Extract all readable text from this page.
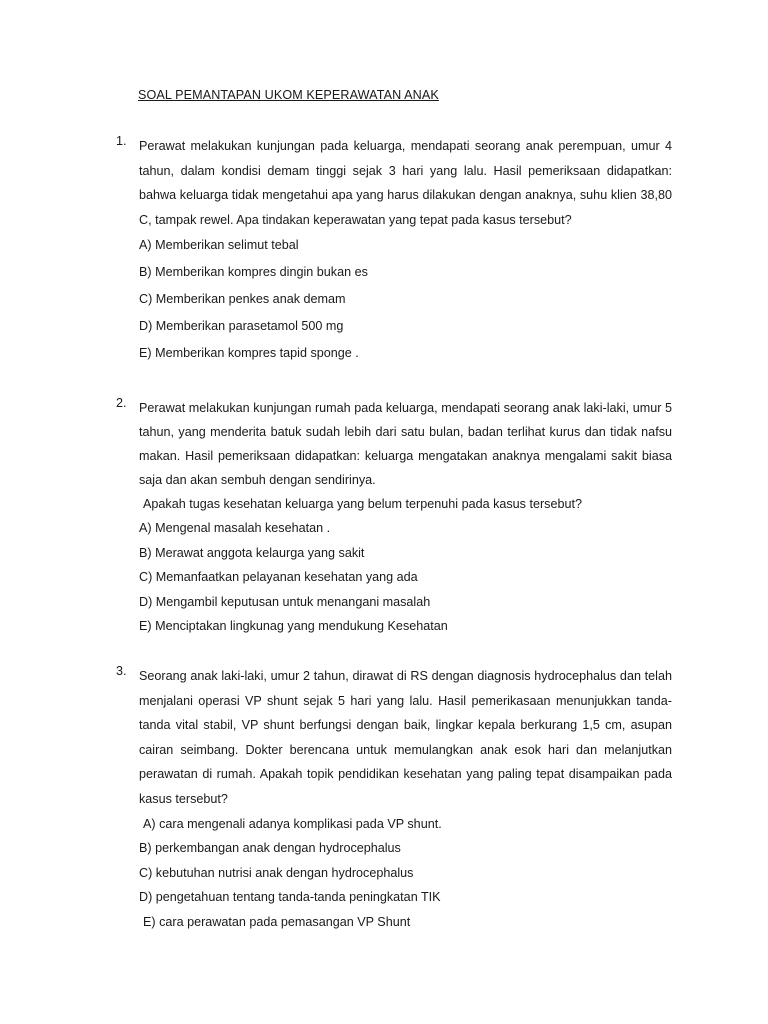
SOAL PEMANTAPAN UKOM KEPERAWATAN ANAK
1. Perawat melakukan kunjungan pada keluarga, mendapati seorang anak perempuan, umur 4 tahun, dalam kondisi demam tinggi sejak 3 hari yang lalu. Hasil pemeriksaan didapatkan: bahwa keluarga tidak mengetahui apa yang harus dilakukan dengan anaknya, suhu klien 38,80 C, tampak rewel. Apa tindakan keperawatan yang tepat pada kasus tersebut?
A) Memberikan selimut tebal
B) Memberikan kompres dingin bukan es
C) Memberikan penkes anak demam
D) Memberikan parasetamol 500 mg
E) Memberikan kompres tapid sponge .
2. Perawat melakukan kunjungan rumah pada keluarga, mendapati seorang anak laki-laki, umur 5 tahun, yang menderita batuk sudah lebih dari satu bulan, badan terlihat kurus dan tidak nafsu makan. Hasil pemeriksaan didapatkan: keluarga mengatakan anaknya mengalami sakit biasa saja dan akan sembuh dengan sendirinya.
Apakah tugas kesehatan keluarga yang belum terpenuhi pada kasus tersebut?
A) Mengenal masalah kesehatan .
B) Merawat anggota kelaurga yang sakit
C) Memanfaatkan pelayanan kesehatan yang ada
D) Mengambil keputusan untuk menangani masalah
E) Menciptakan lingkunag yang mendukung Kesehatan
3. Seorang anak laki-laki, umur 2 tahun, dirawat di RS dengan diagnosis hydrocephalus dan telah menjalani operasi VP shunt sejak 5 hari yang lalu. Hasil pemerikasaan menunjukkan tanda-tanda vital stabil, VP shunt berfungsi dengan baik, lingkar kepala berkurang 1,5 cm, asupan cairan seimbang. Dokter berencana untuk memulangkan anak esok hari dan melanjutkan perawatan di rumah. Apakah topik pendidikan kesehatan yang paling tepat disampaikan pada kasus tersebut?
A) cara mengenali adanya komplikasi pada VP shunt.
B) perkembangan anak dengan hydrocephalus
C) kebutuhan nutrisi anak dengan hydrocephalus
D) pengetahuan tentang tanda-tanda peningkatan TIK
E) cara perawatan pada pemasangan VP Shunt
